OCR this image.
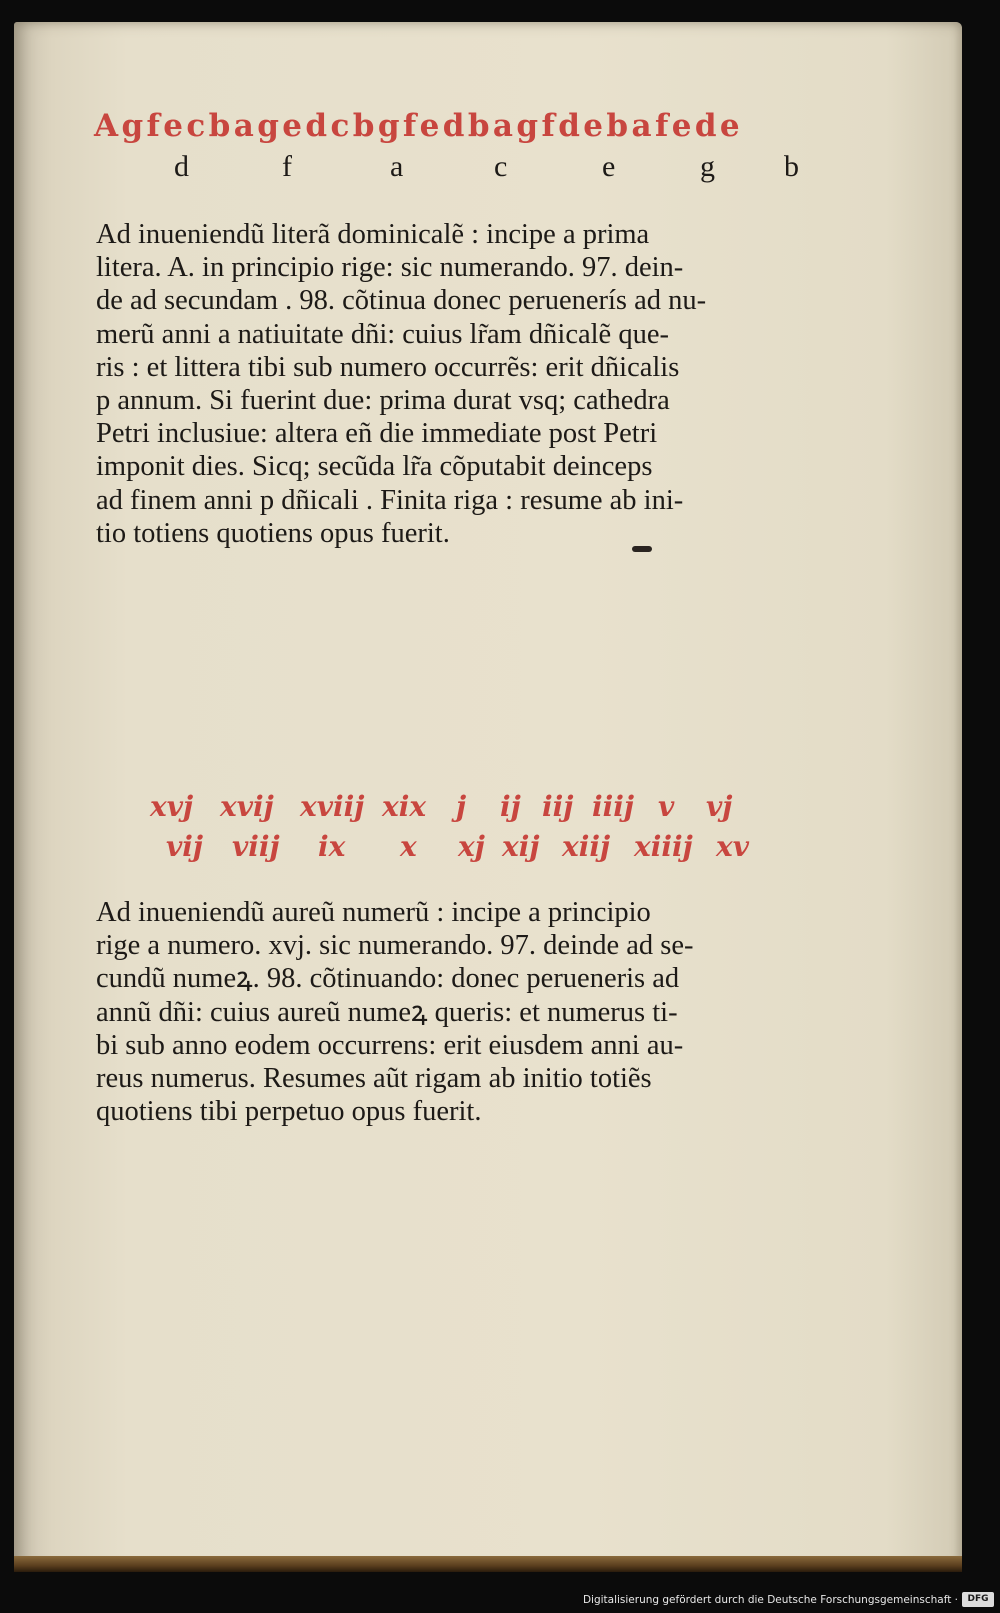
Agfecbagedcbgfedbagfdebafede
d	f	a	c	e	g b
Ad inueniendũ literã dominicalẽ : incipe a prima
litera. A. in principio rige: sic numerando. 97. dein-
de ad secundam . 98. cõtinua donec peruenerís ad nu-
merũ anni a natiuitate dñi: cuius lr̃am dñicalẽ que-
ris : et littera tibi sub numero occurrẽs: erit dñicalis
p annum. Si fuerint due: prima durat vsq; cathedra
Petri inclusiue: altera eñ die immediate post Petri
imponit dies. Sicq; secũda lr̃a cõputabit deinceps
ad finem anni p dñicali . Finita riga : resume ab ini-
tio totiens quotiens opus fuerit.
xvj xvij xviij xix j ij iij iiij v vj
vij viij ix x xj xij xiij xiiij xv
Ad inueniendũ aureũ numerũ : incipe a principio
rige a numero. xvj. sic numerando. 97. deinde ad se-
cundũ numeꝝ. 98. cõtinuando: donec perueneris ad
annũ dñi: cuius aureũ numeꝝ queris: et numerus ti-
bi sub anno eodem occurrens: erit eiusdem anni au-
reus numerus. Resumes aũt rigam ab initio totiẽs
quotiens tibi perpetuo opus fuerit.
Digitalisierung gefördert durch die Deutsche Forschungsgemeinschaft ·	DFG
